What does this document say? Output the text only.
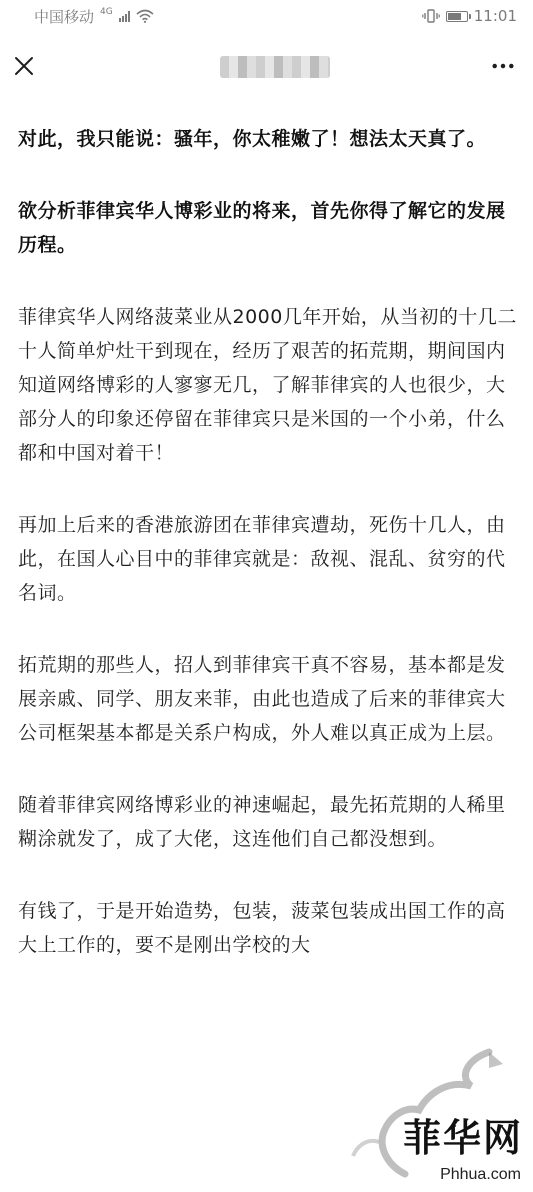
中国移动 4G	11:01

对此，我只能说：骚年，你太稚嫩了！想法太天真了。

欲分析菲律宾华人博彩业的将来，首先你得了解它的发展历程。

菲律宾华人网络菠菜业从2000几年开始，从当初的十几二十人简单炉灶干到现在，经历了艰苦的拓荒期，期间国内知道网络博彩的人寥寥无几，了解菲律宾的人也很少，大部分人的印象还停留在菲律宾只是米国的一个小弟，什么都和中国对着干！

再加上后来的香港旅游团在菲律宾遭劫，死伤十几人，由此，在国人心目中的菲律宾就是：敌视、混乱、贫穷的代名词。

拓荒期的那些人，招人到菲律宾干真不容易，基本都是发展亲戚、同学、朋友来菲，由此也造成了后来的菲律宾大公司框架基本都是关系户构成，外人难以真正成为上层。

随着菲律宾网络博彩业的神速崛起，最先拓荒期的人稀里糊涂就发了，成了大佬，这连他们自己都没想到。

有钱了，于是开始造势，包装，菠菜包装成出国工作的高大上工作的，要不是刚出学校的大

菲华网
Phhua.com
